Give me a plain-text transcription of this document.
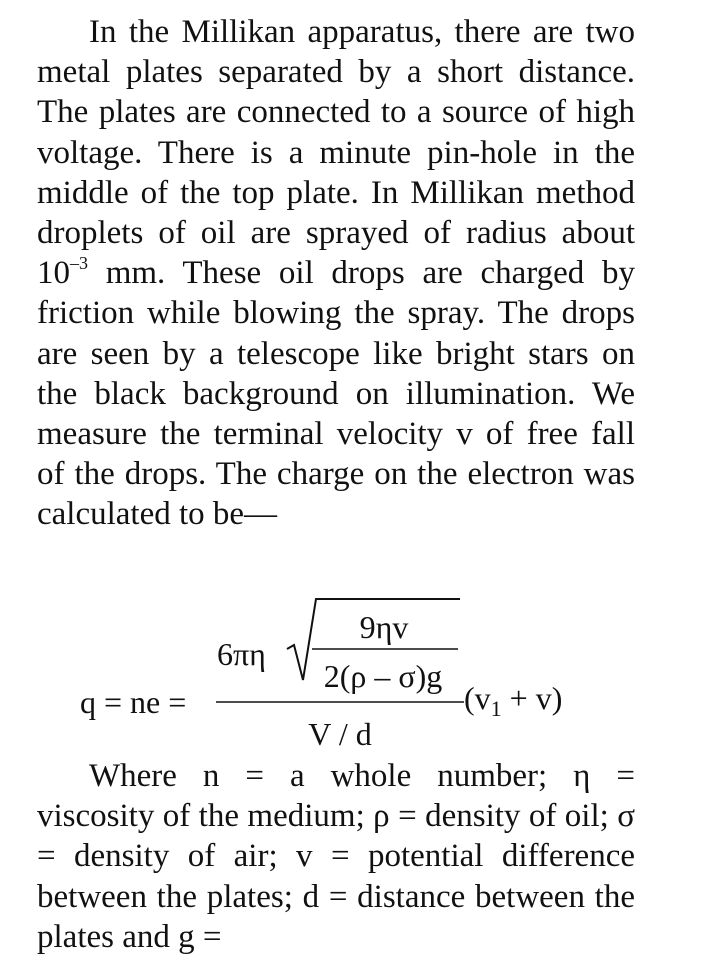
In the Millikan apparatus, there are two metal plates separated by a short distance. The plates are connected to a source of high voltage. There is a minute pin-hole in the middle of the top plate. In Millikan method droplets of oil are sprayed of radius about $10^{-3}$ mm. These oil drops are charged by friction while blowing the spray. The drops are seen by a telescope like bright stars on the black background on illumination. We measure the terminal velocity v of free fall of the drops. The charge on the electron was calculated to be—

q = ne =
6πη
9ηv
2(ρ – σ)g
V / d
$(v_1 + v)$

Where n = a whole number; η = viscosity of the medium; ρ = density of oil; σ = density of air; v = potential difference between the plates; d = distance between the plates and g =
